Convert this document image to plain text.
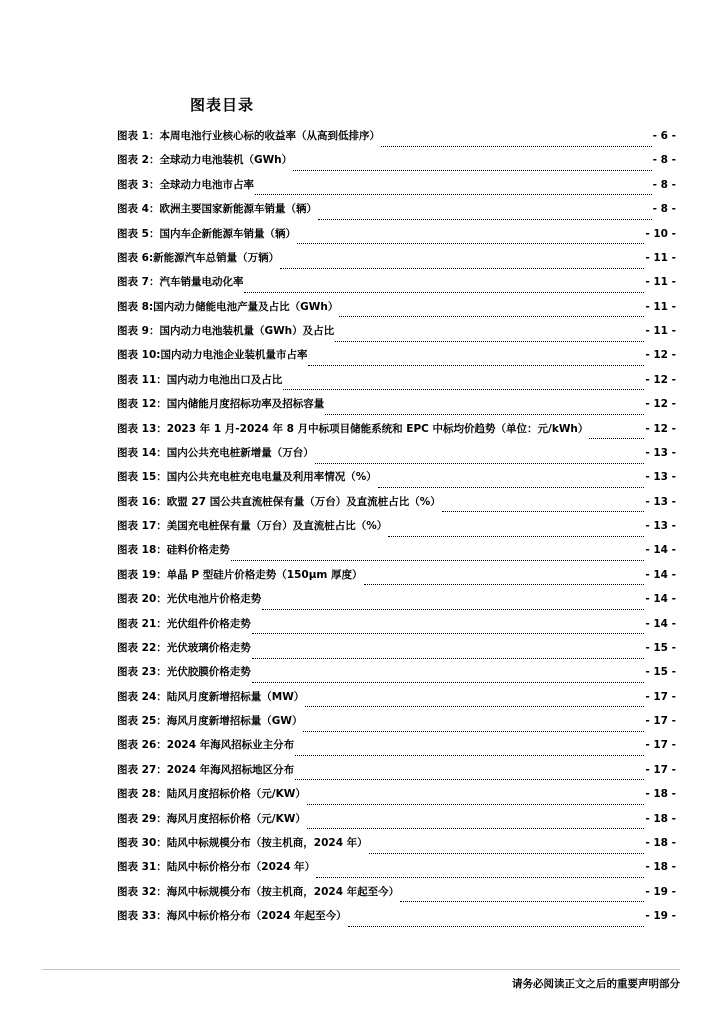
图表目录
图表 1： 本周电池行业核心标的收益率（从高到低排序）	- 6 -
图表 2： 全球动力电池装机（GWh）	- 8 -
图表 3： 全球动力电池市占率	- 8 -
图表 4： 欧洲主要国家新能源车销量（辆）	- 8 -
图表 5： 国内车企新能源车销量（辆）	- 10 -
图表 6: 新能源汽车总销量（万辆）	- 11 -
图表 7： 汽车销量电动化率	- 11 -
图表 8: 国内动力储能电池产量及占比（GWh）	- 11 -
图表 9： 国内动力电池装机量（GWh）及占比	- 11 -
图表 10: 国内动力电池企业装机量市占率	- 12 -
图表 11： 国内动力电池出口及占比	- 12 -
图表 12： 国内储能月度招标功率及招标容量	- 12 -
图表 13： 2023 年 1 月-2024 年 8 月中标项目储能系统和 EPC 中标均价趋势（单位：元/kWh）	- 12 -
图表 14： 国内公共充电桩新增量（万台）	- 13 -
图表 15： 国内公共充电桩充电电量及利用率情况（%）	- 13 -
图表 16： 欧盟 27 国公共直流桩保有量（万台）及直流桩占比（%）	- 13 -
图表 17： 美国充电桩保有量（万台）及直流桩占比（%）	- 13 -
图表 18： 硅料价格走势	- 14 -
图表 19： 单晶 P 型硅片价格走势（150μm 厚度）	- 14 -
图表 20： 光伏电池片价格走势	- 14 -
图表 21： 光伏组件价格走势	- 14 -
图表 22： 光伏玻璃价格走势	- 15 -
图表 23： 光伏胶膜价格走势	- 15 -
图表 24： 陆风月度新增招标量（MW）	- 17 -
图表 25： 海风月度新增招标量（GW）	- 17 -
图表 26： 2024 年海风招标业主分布	- 17 -
图表 27： 2024 年海风招标地区分布	- 17 -
图表 28： 陆风月度招标价格（元/KW）	- 18 -
图表 29： 海风月度招标价格（元/KW）	- 18 -
图表 30： 陆风中标规模分布（按主机商，2024 年）	- 18 -
图表 31： 陆风中标价格分布（2024 年）	- 18 -
图表 32： 海风中标规模分布（按主机商，2024 年起至今）	- 19 -
图表 33： 海风中标价格分布（2024 年起至今）	- 19 -
请务必阅读正文之后的重要声明部分
